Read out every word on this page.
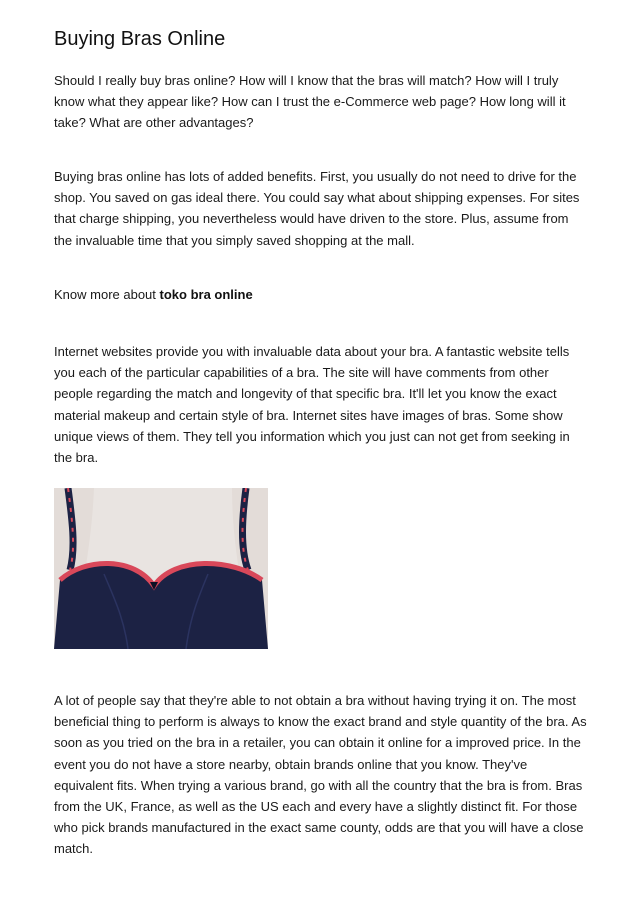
Buying Bras Online

Should I really buy bras online? How will I know that the bras will match? How will I truly know what they appear like? How can I trust the e-Commerce web page? How long will it take? What are other advantages?

Buying bras online has lots of added benefits. First, you usually do not need to drive for the shop. You saved on gas ideal there. You could say what about shipping expenses. For sites that charge shipping, you nevertheless would have driven to the store. Plus, assume from the invaluable time that you simply saved shopping at the mall.

Know more about toko bra online

Internet websites provide you with invaluable data about your bra. A fantastic website tells you each of the particular capabilities of a bra. The site will have comments from other people regarding the match and longevity of that specific bra. It'll let you know the exact material makeup and certain style of bra. Internet sites have images of bras. Some show unique views of them. They tell you information which you just can not get from seeking in the bra.

A lot of people say that they're able to not obtain a bra without having trying it on. The most beneficial thing to perform is always to know the exact brand and style quantity of the bra. As soon as you tried on the bra in a retailer, you can obtain it online for a improved price. In the event you do not have a store nearby, obtain brands online that you know. They've equivalent fits. When trying a various brand, go with all the country that the bra is from. Bras from the UK, France, as well as the US each and every have a slightly distinct fit. For those who pick brands manufactured in the exact same county, odds are that you will have a close match.
